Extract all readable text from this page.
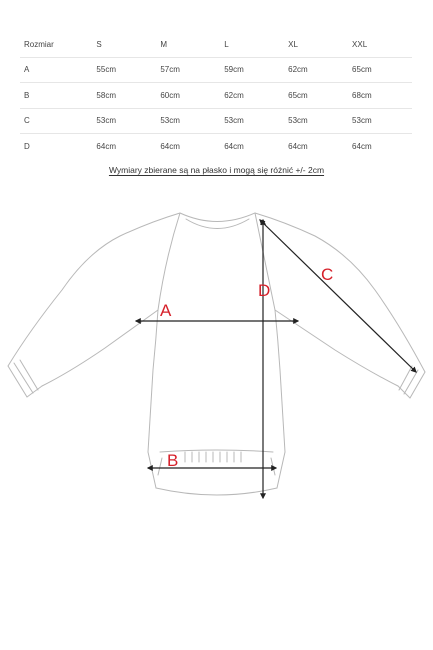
Rozmiar	S	M	L	XL	XXL
A	55cm	57cm	59cm	62cm	65cm
B	58cm	60cm	62cm	65cm	68cm
C	53cm	53cm	53cm	53cm	53cm
D	64cm	64cm	64cm	64cm	64cm
Wymiary zbierane są na płasko i mogą się różnić +/- 2cm
A
B
C
D
